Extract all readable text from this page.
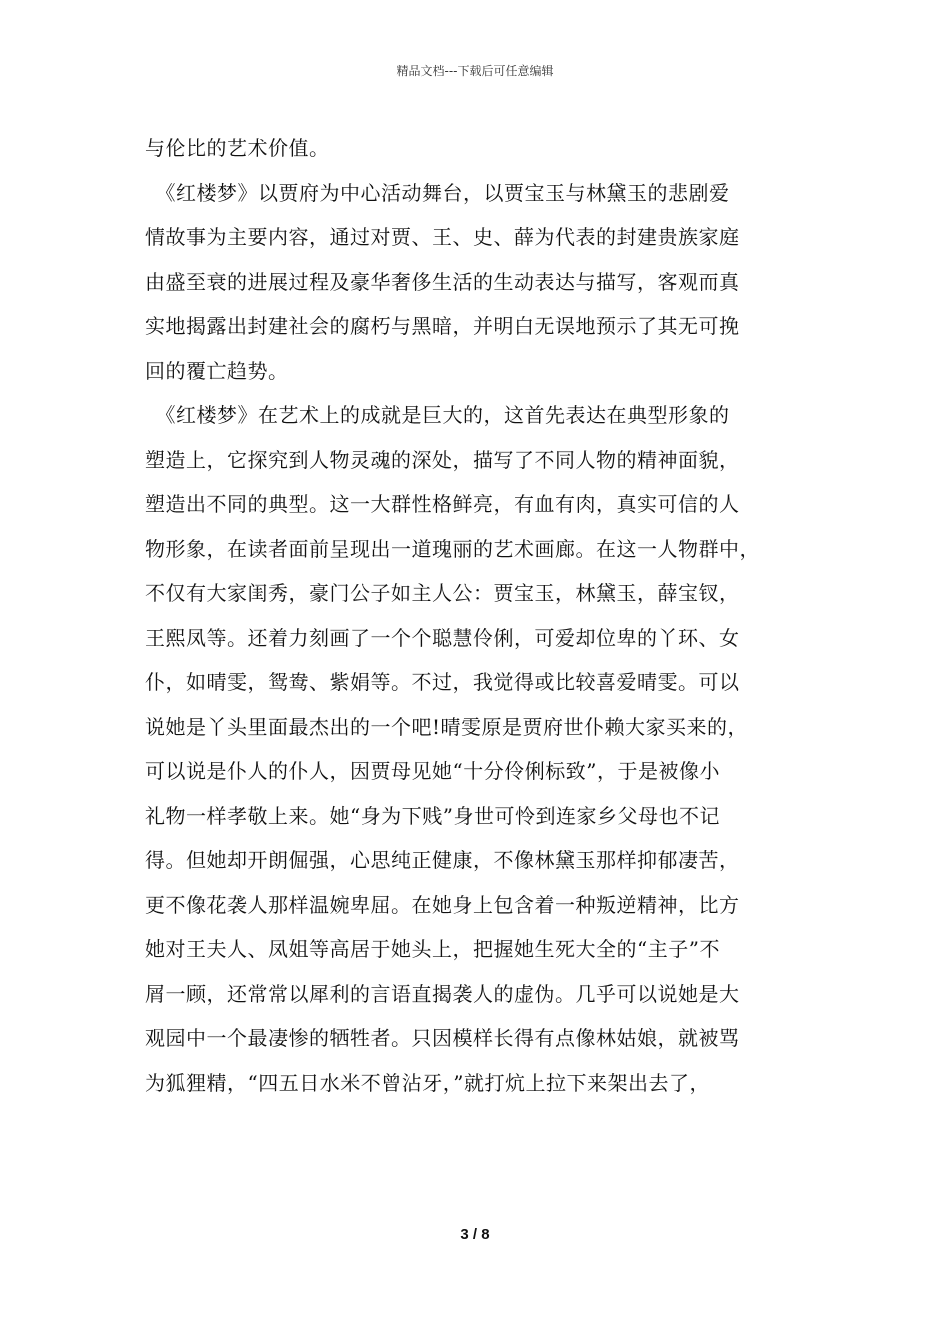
精品文档---下载后可任意编辑
与伦比的艺术价值。
　《红楼梦》以贾府为中心活动舞台，以贾宝玉与林黛玉的悲剧爱
情故事为主要内容，通过对贾、王、史、薛为代表的封建贵族家庭
由盛至衰的进展过程及豪华奢侈生活的生动表达与描写，客观而真
实地揭露出封建社会的腐朽与黑暗，并明白无误地预示了其无可挽
回的覆亡趋势。
　《红楼梦》在艺术上的成就是巨大的，这首先表达在典型形象的
塑造上，它探究到人物灵魂的深处，描写了不同人物的精神面貌，
塑造出不同的典型。这一大群性格鲜亮，有血有肉，真实可信的人
物形象，在读者面前呈现出一道瑰丽的艺术画廊。在这一人物群中，
不仅有大家闺秀，豪门公子如主人公：贾宝玉，林黛玉，薛宝钗，
王熙凤等。还着力刻画了一个个聪慧伶俐，可爱却位卑的丫环、女
仆，如晴雯，鸳鸯、紫娟等。不过，我觉得或比较喜爱晴雯。可以
说她是丫头里面最杰出的一个吧!晴雯原是贾府世仆赖大家买来的，
可以说是仆人的仆人，因贾母见她“十分伶俐标致”，于是被像小
礼物一样孝敬上来。她“身为下贱”身世可怜到连家乡父母也不记
得。但她却开朗倔强，心思纯正健康，不像林黛玉那样抑郁凄苦，
更不像花袭人那样温婉卑屈。在她身上包含着一种叛逆精神，比方
她对王夫人、凤姐等高居于她头上，把握她生死大全的“主子”不
屑一顾，还常常以犀利的言语直揭袭人的虚伪。几乎可以说她是大
观园中一个最凄惨的牺牲者。只因模样长得有点像林姑娘，就被骂
为狐狸精，“四五日水米不曾沾牙，”就打炕上拉下来架出去了，
3 / 8
